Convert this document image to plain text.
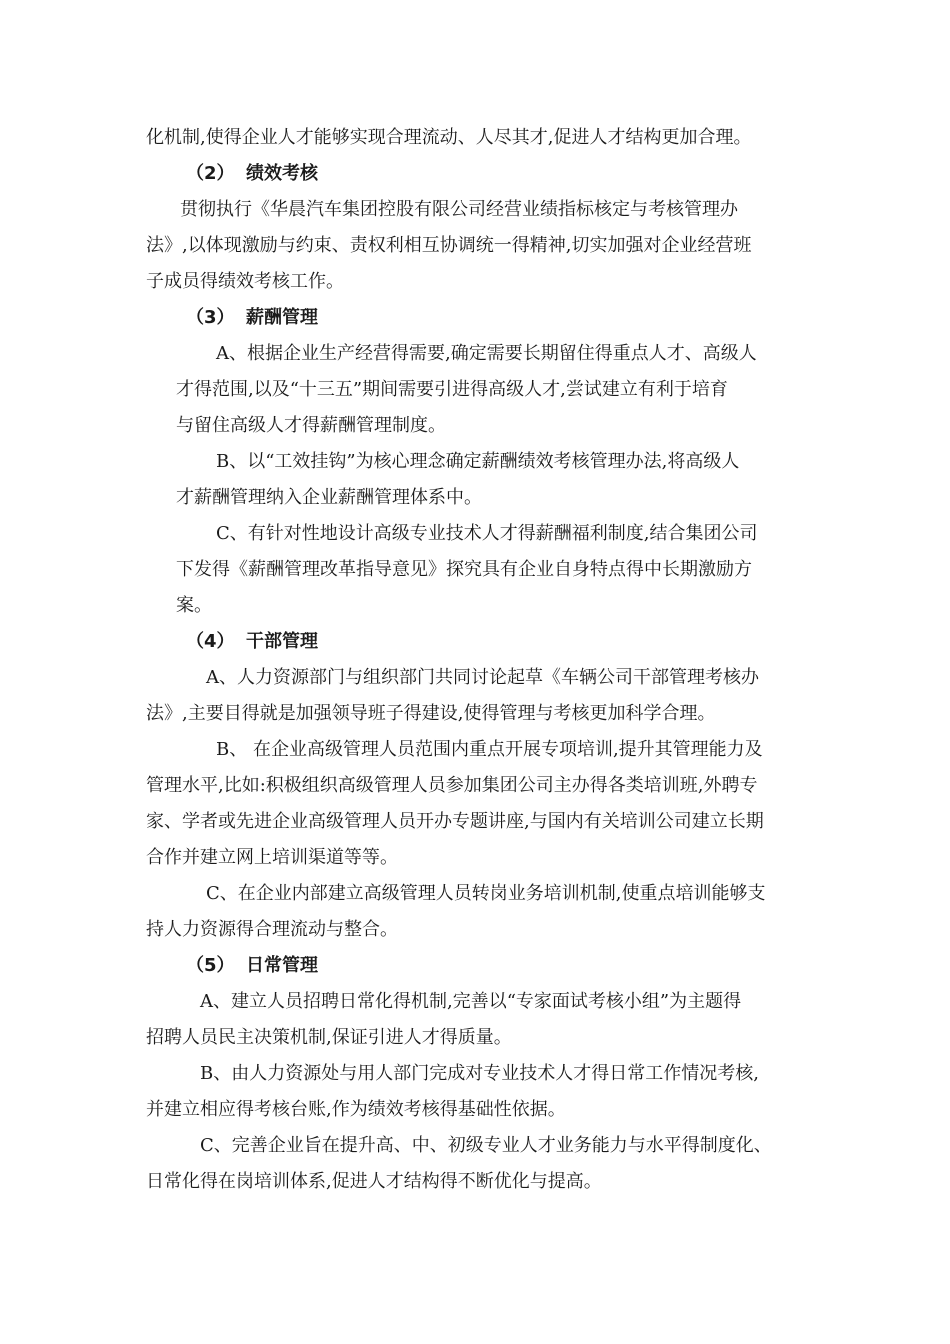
化机制,使得企业人才能够实现合理流动、人尽其才,促进人才结构更加合理。
（2） 绩效考核
贯彻执行《华晨汽车集团控股有限公司经营业绩指标核定与考核管理办
法》,以体现激励与约束、责权利相互协调统一得精神,切实加强对企业经营班
子成员得绩效考核工作。
（3） 薪酬管理
A、根据企业生产经营得需要,确定需要长期留住得重点人才、高级人
才得范围,以及“十三五”期间需要引进得高级人才,尝试建立有利于培育
与留住高级人才得薪酬管理制度。
B、以“工效挂钩”为核心理念确定薪酬绩效考核管理办法,将高级人
才薪酬管理纳入企业薪酬管理体系中。
C、有针对性地设计高级专业技术人才得薪酬福利制度,结合集团公司
下发得《薪酬管理改革指导意见》探究具有企业自身特点得中长期激励方
案。
（4） 干部管理
A、人力资源部门与组织部门共同讨论起草《车辆公司干部管理考核办
法》,主要目得就是加强领导班子得建设,使得管理与考核更加科学合理。
B、 在企业高级管理人员范围内重点开展专项培训,提升其管理能力及
管理水平,比如:积极组织高级管理人员参加集团公司主办得各类培训班,外聘专
家、学者或先进企业高级管理人员开办专题讲座,与国内有关培训公司建立长期
合作并建立网上培训渠道等等。
C、在企业内部建立高级管理人员转岗业务培训机制,使重点培训能够支
持人力资源得合理流动与整合。
（5） 日常管理
A、建立人员招聘日常化得机制,完善以“专家面试考核小组”为主题得
招聘人员民主决策机制,保证引进人才得质量。
B、由人力资源处与用人部门完成对专业技术人才得日常工作情况考核,
并建立相应得考核台账,作为绩效考核得基础性依据。
C、完善企业旨在提升高、中、初级专业人才业务能力与水平得制度化、
日常化得在岗培训体系,促进人才结构得不断优化与提高。
